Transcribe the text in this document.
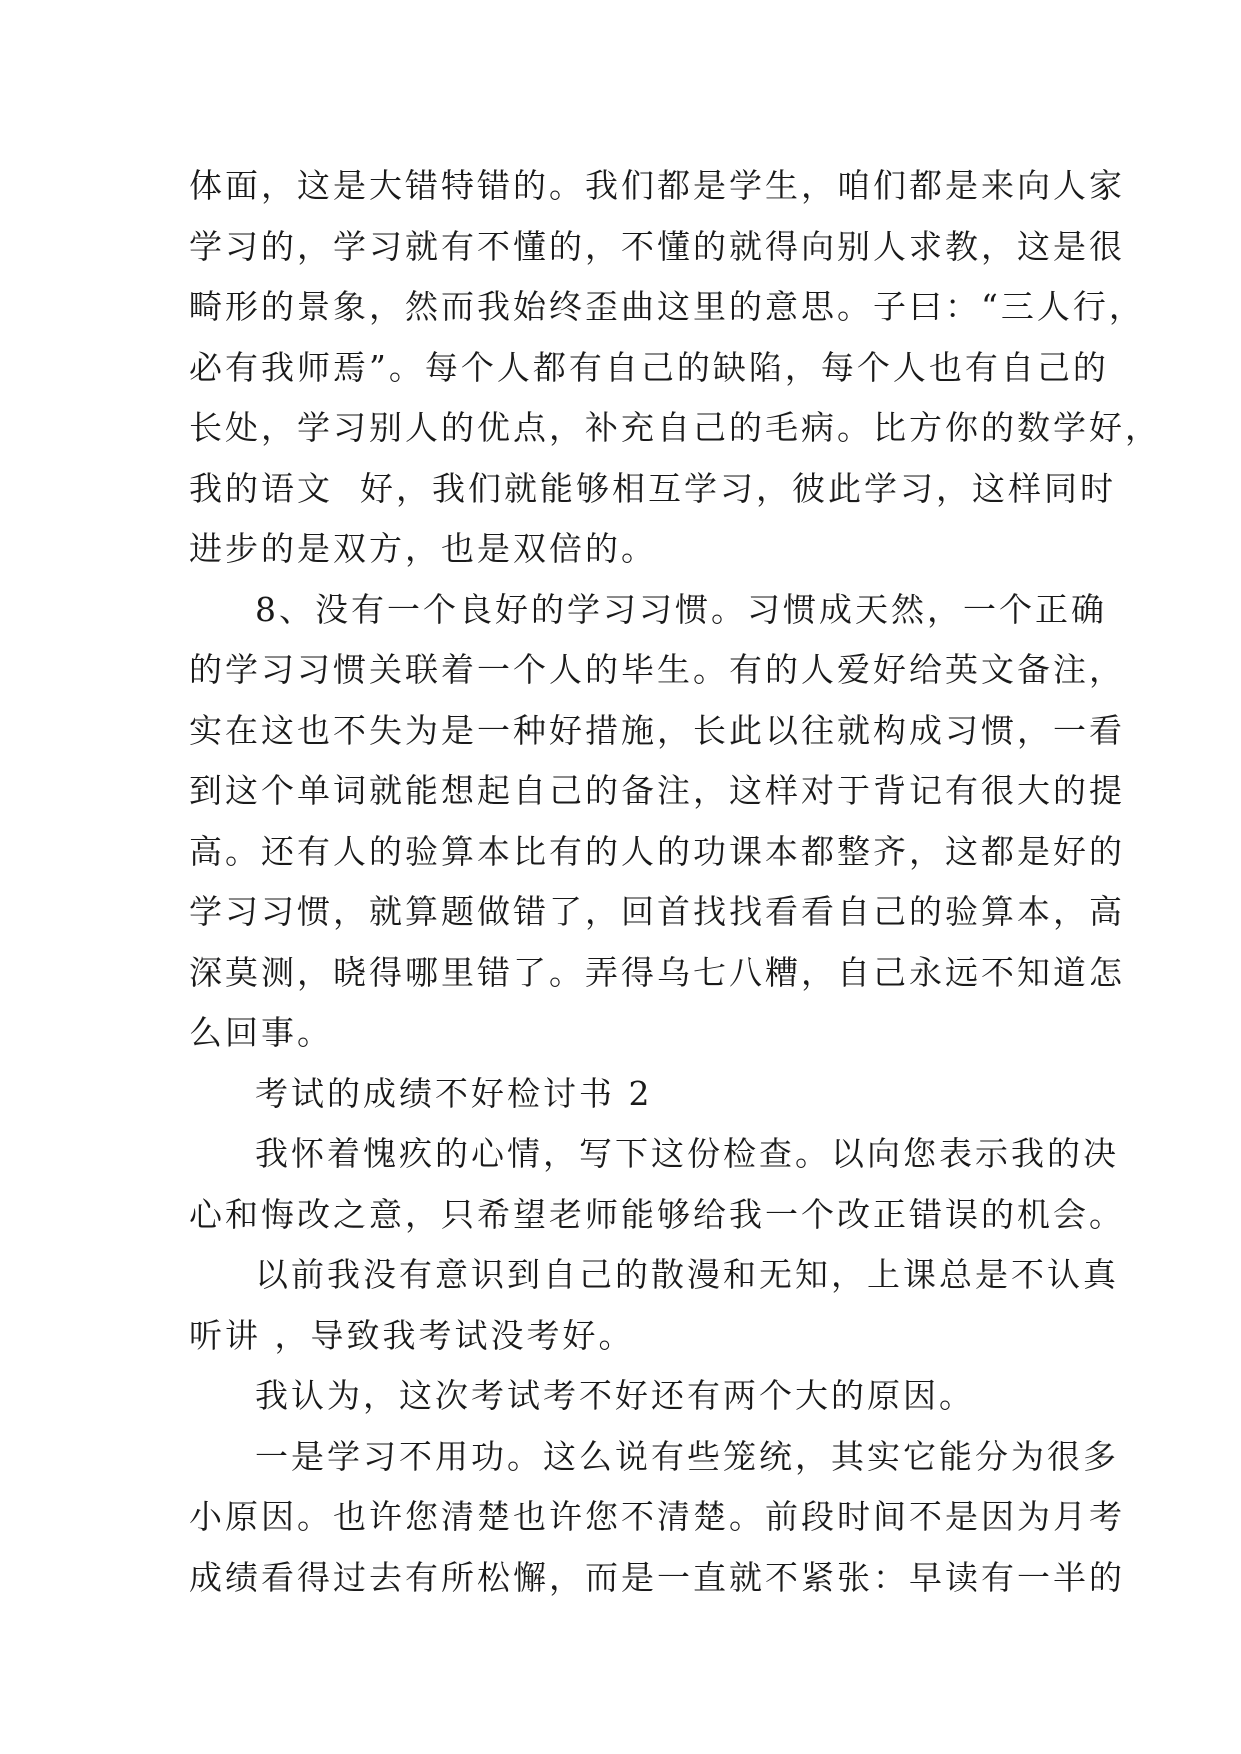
体面，这是大错特错的。我们都是学生，咱们都是来向人家
学习的，学习就有不懂的，不懂的就得向别人求教，这是很
畸形的景象，然而我始终歪曲这里的意思。子曰：“三人行，
必有我师焉”。每个人都有自己的缺陷，每个人也有自己的
长处，学习别人的优点，补充自己的毛病。比方你的数学好，
我的语文  好，我们就能够相互学习，彼此学习，这样同时
进步的是双方，也是双倍的。
8、没有一个良好的学习习惯。习惯成天然，一个正确
的学习习惯关联着一个人的毕生。有的人爱好给英文备注，
实在这也不失为是一种好措施，长此以往就构成习惯，一看
到这个单词就能想起自己的备注，这样对于背记有很大的提
高。还有人的验算本比有的人的功课本都整齐，这都是好的
学习习惯，就算题做错了，回首找找看看自己的验算本，高
深莫测，晓得哪里错了。弄得乌七八糟，自己永远不知道怎
么回事。
考试的成绩不好检讨书 2
我怀着愧疚的心情，写下这份检查。以向您表示我的决
心和悔改之意，只希望老师能够给我一个改正错误的机会。
以前我没有意识到自己的散漫和无知，上课总是不认真
听讲 ，导致我考试没考好。
我认为，这次考试考不好还有两个大的原因。
一是学习不用功。这么说有些笼统，其实它能分为很多
小原因。也许您清楚也许您不清楚。前段时间不是因为月考
成绩看得过去有所松懈，而是一直就不紧张：早读有一半的
